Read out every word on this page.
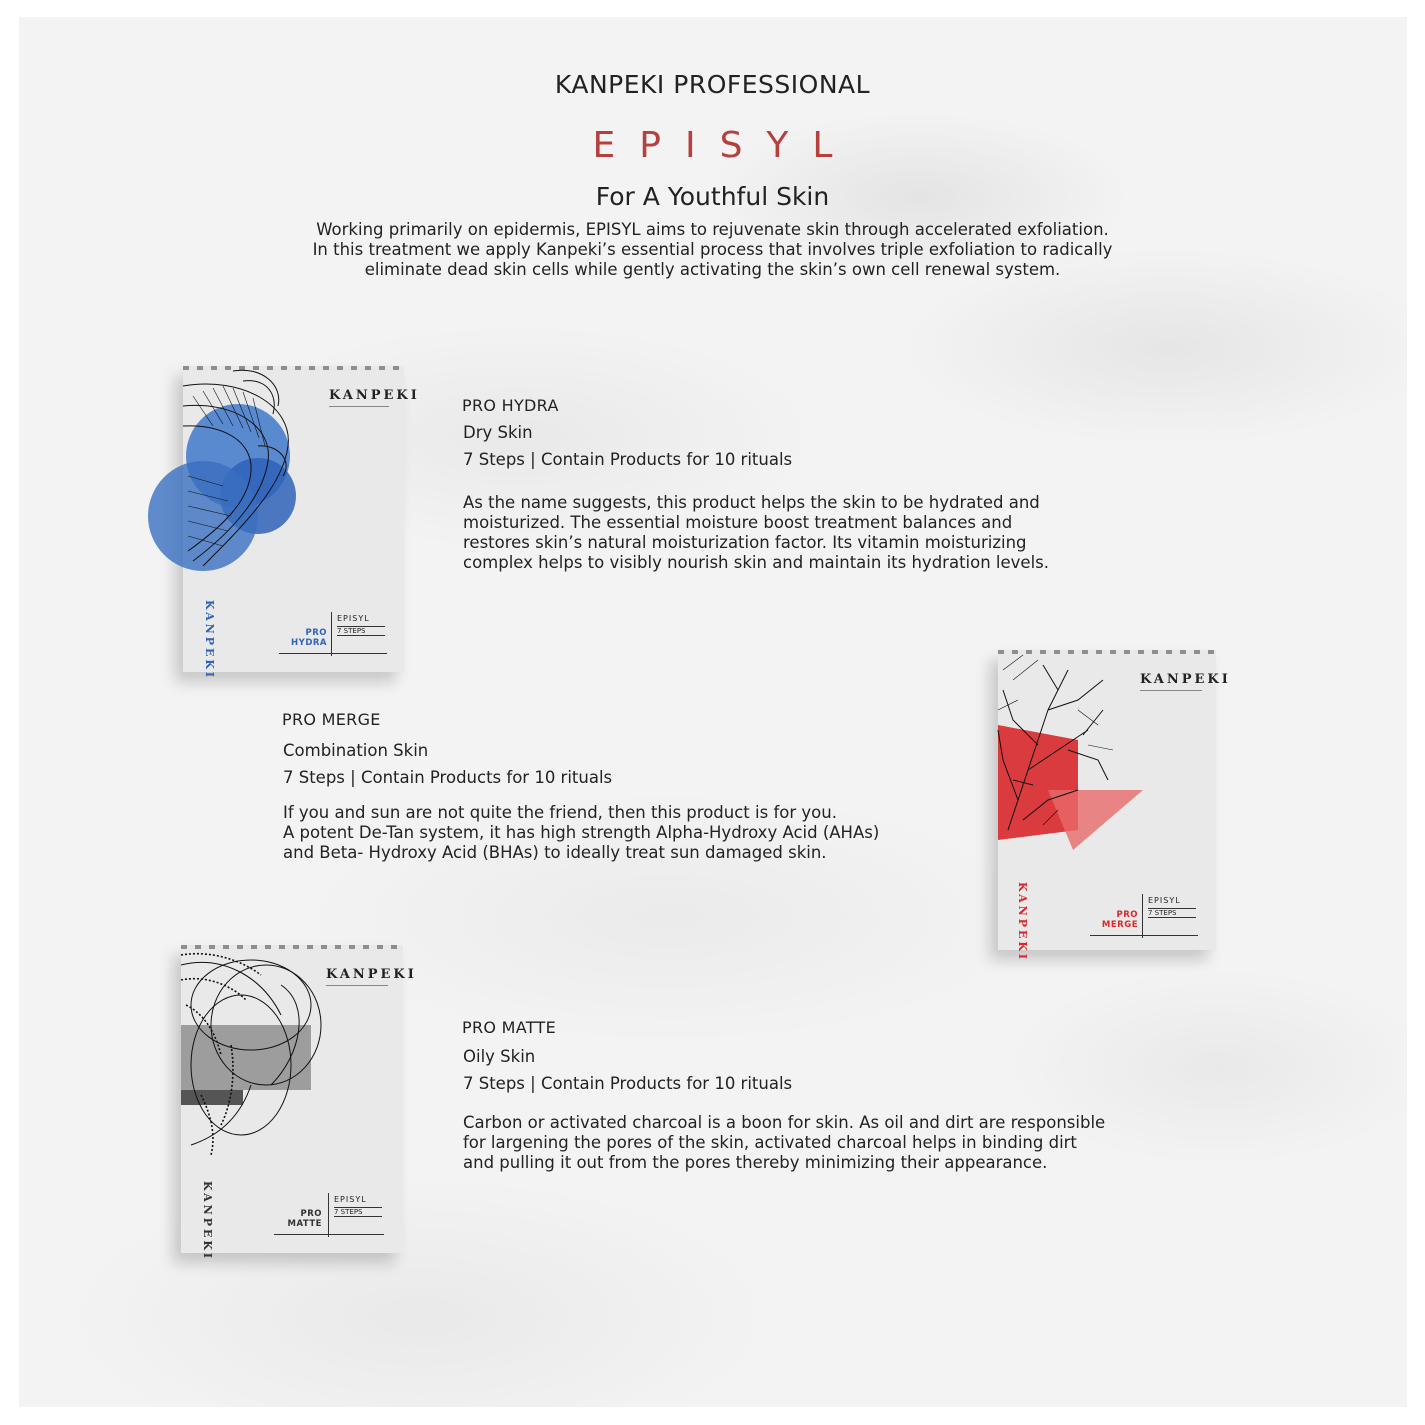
KANPEKI PROFESSIONAL
EPISYL
For A Youthful Skin
Working primarily on epidermis, EPISYL aims to rejuvenate skin through accelerated exfoliation.
In this treatment we apply Kanpeki’s essential process that involves triple exfoliation to radically
eliminate dead skin cells while gently activating the skin’s own cell renewal system.
KANPEKI
KANPEKI	EPISYL
7 STEPS
PRO
HYDRA
PRO HYDRA
Dry Skin
7 Steps | Contain Products for 10 rituals
As the name suggests, this product helps the skin to be hydrated and
moisturized. The essential moisture boost treatment balances and
restores skin’s natural moisturization factor. Its vitamin moisturizing
complex helps to visibly nourish skin and maintain its hydration levels.
PRO MERGE
Combination Skin
7 Steps | Contain Products for 10 rituals
If you and sun are not quite the friend, then this product is for you.
A potent De-Tan system, it has high strength Alpha-Hydroxy Acid (AHAs)
and Beta- Hydroxy Acid (BHAs) to ideally treat sun damaged skin.
KANPEKI
KANPEKI	EPISYL
7 STEPS
PRO
MERGE
KANPEKI
KANPEKI	EPISYL
7 STEPS
PRO
MATTE
PRO MATTE
Oily Skin
7 Steps | Contain Products for 10 rituals
Carbon or activated charcoal is a boon for skin. As oil and dirt are responsible
for largening the pores of the skin, activated charcoal helps in binding dirt
and pulling it out from the pores thereby minimizing their appearance.
